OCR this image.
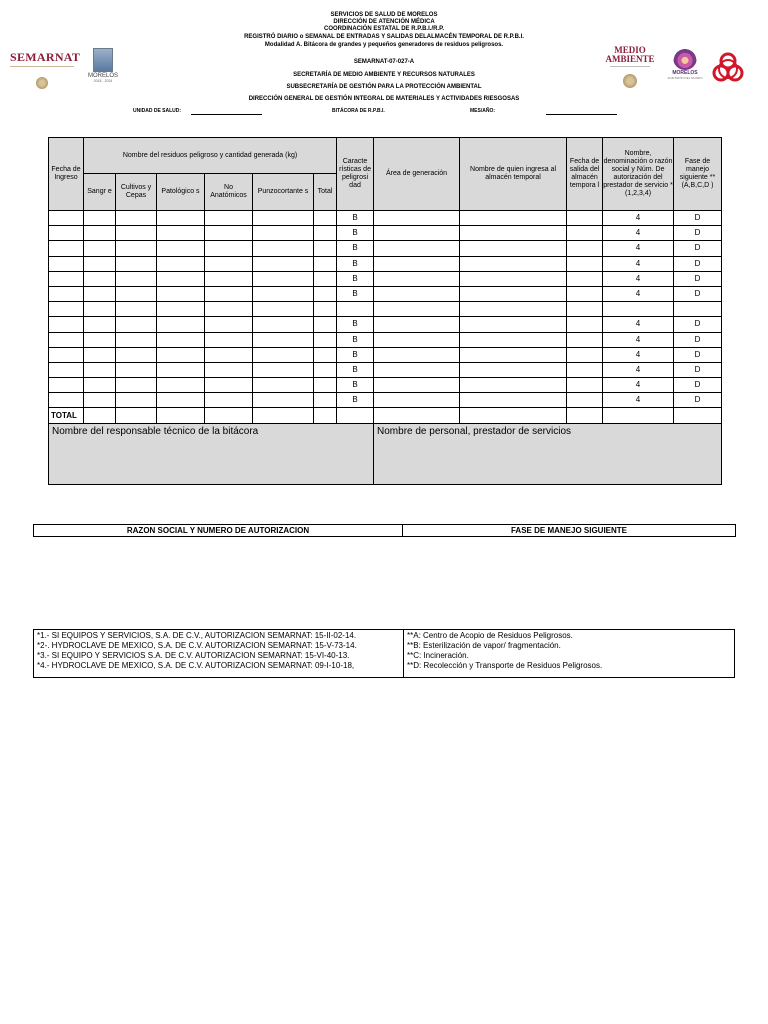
SERVICIOS DE SALUD DE MORELOS
DIRECCIÓN DE ATENCIÓN MÉDICA
COORDINACIÓN ESTATAL DE R.P.B.I./R.P.
REGISTRÓ DIARIO o SEMANAL DE ENTRADAS Y SALIDAS DELALMACÉN TEMPORAL DE R.P.B.I.
Modalidad A. Bitácora de grandes y pequeños generadores de residuos peligrosos.
SEMARNAT-07-027-A
SECRETARÍA DE MEDIO AMBIENTE Y RECURSOS NATURALES
SUBSECRETARÍA DE GESTIÓN PARA LA PROTECCIÓN AMBIENTAL
DIRECCIÓN GENERAL DE GESTIÓN INTEGRAL DE MATERIALES Y ACTIVIDADES RIESGOSAS
SEMARNAT
MORELOS
2018 - 2024
MEDIO
AMBIENTE
MORELOS
ANFITRIÓN DEL MUNDO
UNIDAD DE SALUD:	BITÁCORA DE R.P.B.I.	MES/AÑO:
Fecha de Ingreso	Nombre del residuos peligroso y cantidad generada (kg)						Caracte rísticas de peligrosi dad	Área de generación	Nombre de quien ingresa al almacén temporal	Fecha de salida del almacén tempora l	Nombre, denominación o razón social y Núm. De autorización del prestador de servicio *(1,2,3,4)	Fase de manejo siguiente **(A,B,C,D )
	Sangr e	Cultivos y Cepas	Patológico s	No Anatómicos	Punzocortante s	Total						
							B				4	D
							B				4	D
							B				4	D
							B				4	D
							B				4	D
							B				4	D

							B				4	D
							B				4	D
							B				4	D
							B				4	D
							B				4	D
							B				4	D
TOTAL												
Nombre del responsable técnico de la bitácora								Nombre de personal, prestador de servicios				
RAZON SOCIAL Y NUMERO DE AUTORIZACION	FASE DE MANEJO SIGUIENTE
*1.- SI EQUIPOS Y SERVICIOS, S.A. DE C.V., AUTORIZACION SEMARNAT: 15-II-02-14.
*2-. HYDROCLAVE DE MEXICO, S.A. DE C.V. AUTORIZACION SEMARNAT: 15-V-73-14.
*3.- SI EQUIPO Y SERVICIOS S.A. DE C.V. AUTORIZACION SEMARNAT: 15-VI-40-13.
*4.- HYDROCLAVE DE MEXICO, S.A. DE C.V. AUTORIZACION SEMARNAT: 09-I-10-18,
**A: Centro de Acopio de Residuos Peligrosos.
**B: Esterilización de vapor/ fragmentación.
**C: Incineración.
**D: Recolección y Transporte de Residuos Peligrosos.
